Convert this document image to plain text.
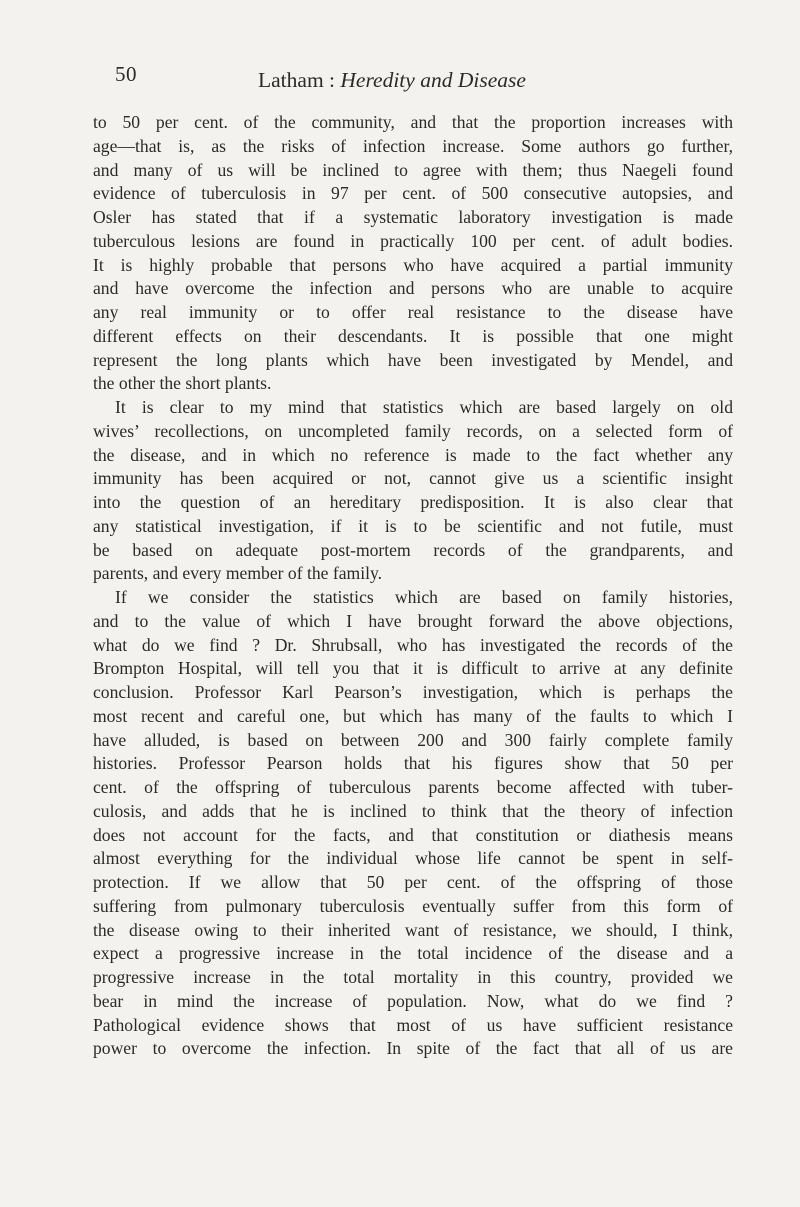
50	Latham : Heredity and Disease
to 50 per cent. of the community, and that the proportion increases with
age—that is, as the risks of infection increase. Some authors go further,
and many of us will be inclined to agree with them; thus Naegeli found
evidence of tuberculosis in 97 per cent. of 500 consecutive autopsies, and
Osler has stated that if a systematic laboratory investigation is made
tuberculous lesions are found in practically 100 per cent. of adult bodies.
It is highly probable that persons who have acquired a partial immunity
and have overcome the infection and persons who are unable to acquire
any real immunity or to offer real resistance to the disease have
different effects on their descendants. It is possible that one might
represent the long plants which have been investigated by Mendel, and
the other the short plants.
It is clear to my mind that statistics which are based largely on old
wives’ recollections, on uncompleted family records, on a selected form of
the disease, and in which no reference is made to the fact whether any
immunity has been acquired or not, cannot give us a scientific insight
into the question of an hereditary predisposition. It is also clear that
any statistical investigation, if it is to be scientific and not futile, must
be based on adequate post-mortem records of the grandparents, and
parents, and every member of the family.
If we consider the statistics which are based on family histories,
and to the value of which I have brought forward the above objections,
what do we find ? Dr. Shrubsall, who has investigated the records of the
Brompton Hospital, will tell you that it is difficult to arrive at any definite
conclusion. Professor Karl Pearson’s investigation, which is perhaps the
most recent and careful one, but which has many of the faults to which I
have alluded, is based on between 200 and 300 fairly complete family
histories. Professor Pearson holds that his figures show that 50 per
cent. of the offspring of tuberculous parents become affected with tuber-
culosis, and adds that he is inclined to think that the theory of infection
does not account for the facts, and that constitution or diathesis means
almost everything for the individual whose life cannot be spent in self-
protection. If we allow that 50 per cent. of the offspring of those
suffering from pulmonary tuberculosis eventually suffer from this form of
the disease owing to their inherited want of resistance, we should, I think,
expect a progressive increase in the total incidence of the disease and a
progressive increase in the total mortality in this country, provided we
bear in mind the increase of population. Now, what do we find ?
Pathological evidence shows that most of us have sufficient resistance
power to overcome the infection. In spite of the fact that all of us are
